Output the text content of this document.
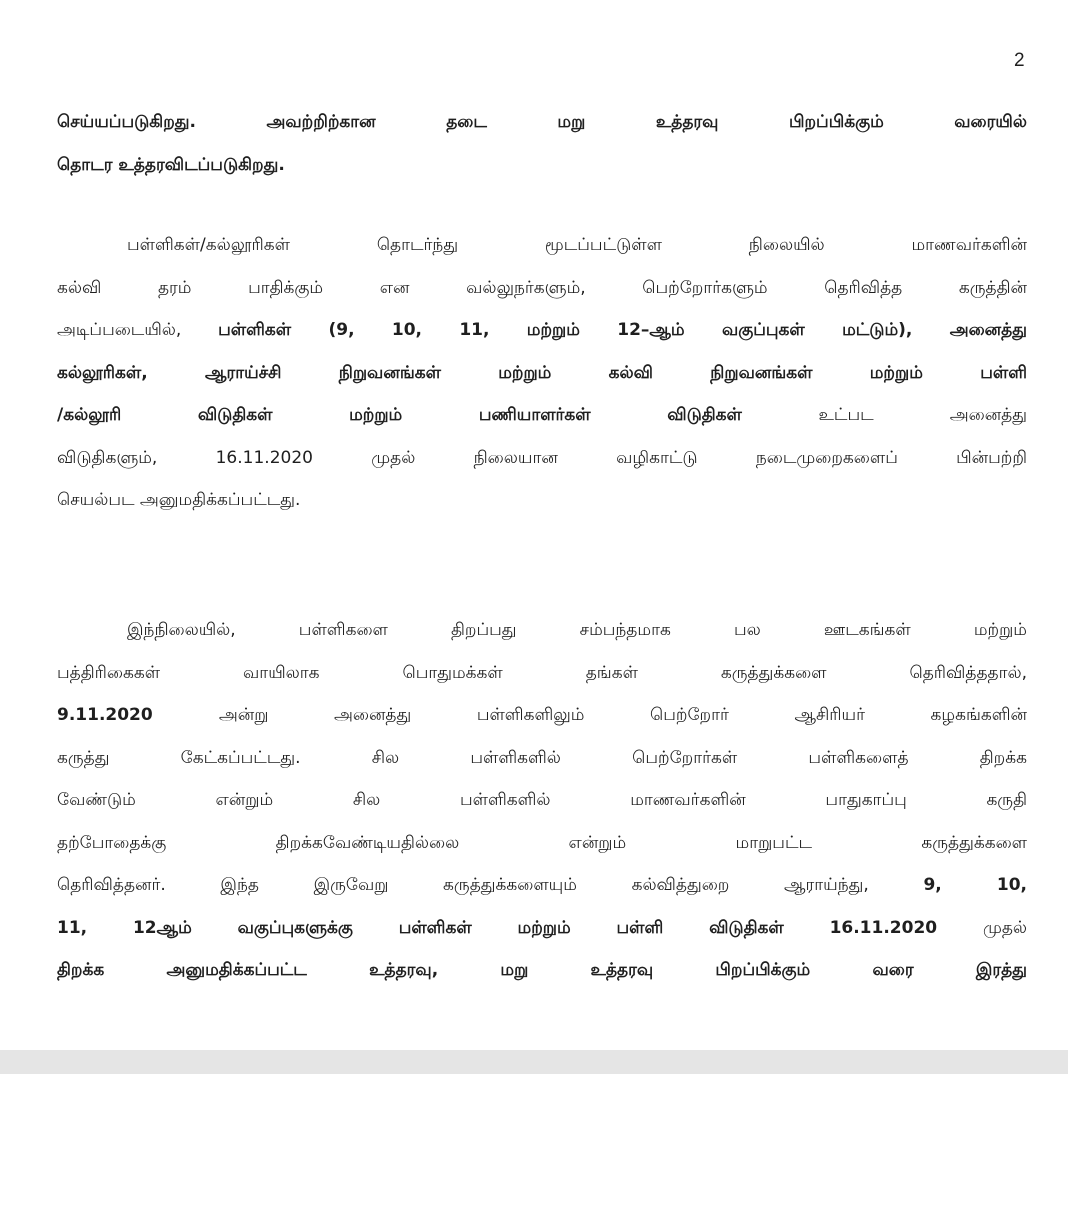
2
செய்யப்படுகிறது. அவற்றிற்கான தடை மறு உத்தரவு பிறப்பிக்கும் வரையில்
தொடர உத்தரவிடப்படுகிறது.
பள்ளிகள்/கல்லூரிகள் தொடர்ந்து மூடப்பட்டுள்ள நிலையில் மாணவர்களின்
கல்வி தரம் பாதிக்கும் என வல்லுநர்களும், பெற்றோர்களும் தெரிவித்த கருத்தின்
அடிப்படையில், பள்ளிகள் (9, 10, 11, மற்றும் 12–ஆம் வகுப்புகள் மட்டும்), அனைத்து
கல்லூரிகள், ஆராய்ச்சி நிறுவனங்கள் மற்றும் கல்வி நிறுவனங்கள் மற்றும் பள்ளி
/கல்லூரி விடுதிகள் மற்றும் பணியாளர்கள் விடுதிகள் உட்பட அனைத்து
விடுதிகளும், 16.11.2020 முதல் நிலையான வழிகாட்டு நடைமுறைகளைப் பின்பற்றி
செயல்பட அனுமதிக்கப்பட்டது.
இந்நிலையில், பள்ளிகளை திறப்பது சம்பந்தமாக பல ஊடகங்கள் மற்றும்
பத்திரிகைகள் வாயிலாக பொதுமக்கள் தங்கள் கருத்துக்களை தெரிவித்ததால்,
9.11.2020 அன்று அனைத்து பள்ளிகளிலும் பெற்றோர் ஆசிரியர் கழகங்களின்
கருத்து கேட்கப்பட்டது. சில பள்ளிகளில் பெற்றோர்கள் பள்ளிகளைத் திறக்க
வேண்டும் என்றும் சில பள்ளிகளில் மாணவர்களின் பாதுகாப்பு கருதி
தற்போதைக்கு திறக்கவேண்டியதில்லை என்றும் மாறுபட்ட கருத்துக்களை
தெரிவித்தனர். இந்த இருவேறு கருத்துக்களையும் கல்வித்துறை ஆராய்ந்து, 9, 10,
11, 12ஆம் வகுப்புகளுக்கு பள்ளிகள் மற்றும் பள்ளி விடுதிகள் 16.11.2020 முதல்
திறக்க அனுமதிக்கப்பட்ட உத்தரவு, மறு உத்தரவு பிறப்பிக்கும் வரை இரத்து
